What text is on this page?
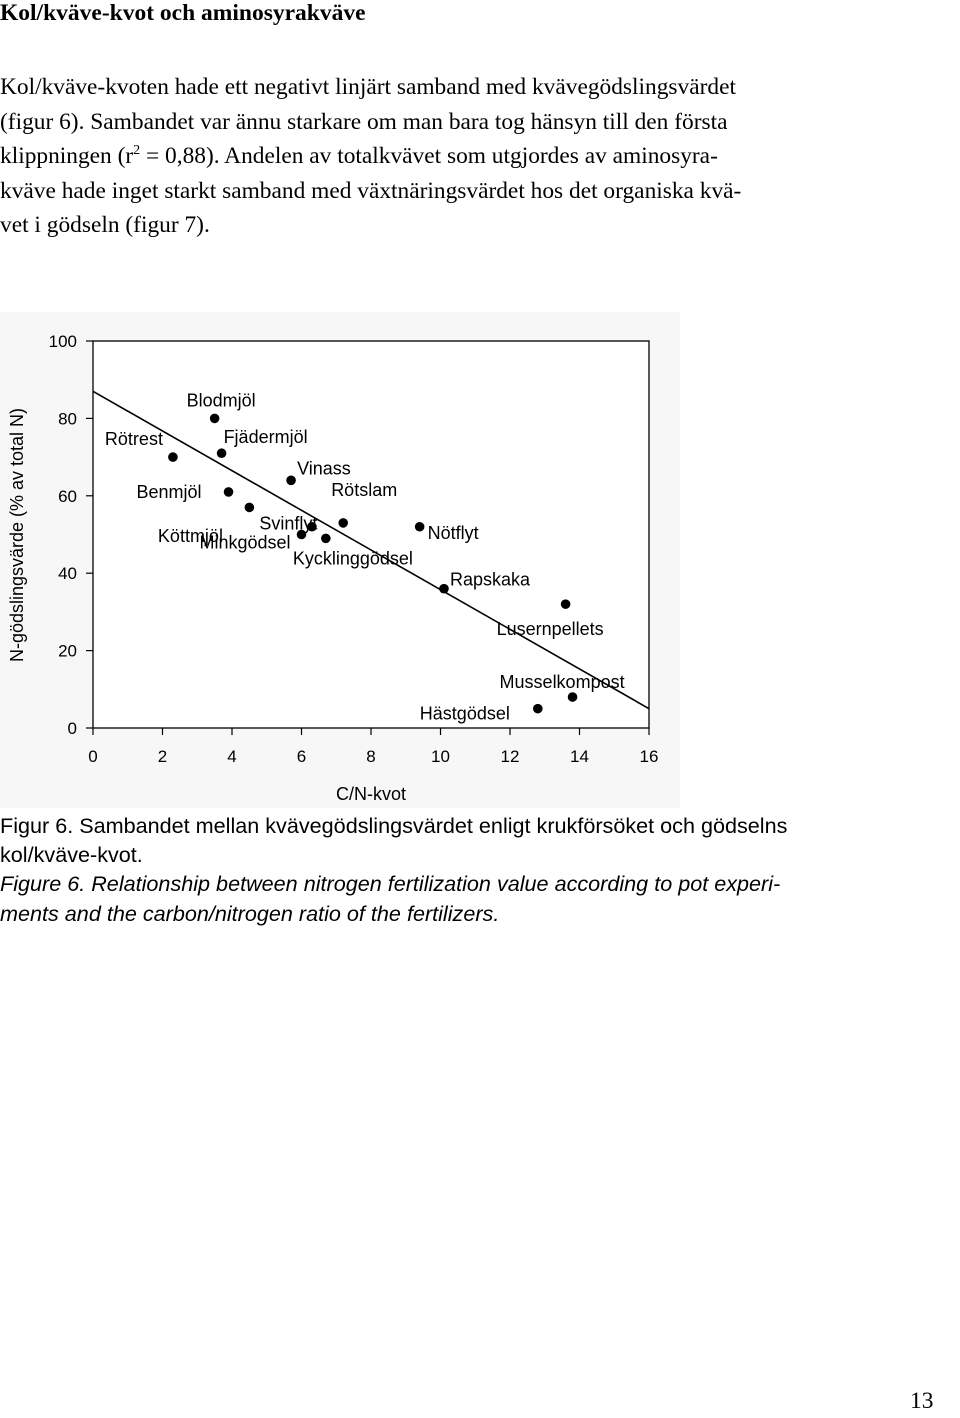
Kol/kväve-kvot och aminosyrakväve

Kol/kväve-kvoten hade ett negativt linjärt samband med kvävegödslingsvärdet
(figur 6). Sambandet var ännu starkare om man bara tog hänsyn till den första
klippningen $(r^2 = 0,88)$. Andelen av totalkvävet som utgjordes av aminosyra-
kväve hade inget starkt samband med växtnäringsvärdet hos det organiska kvä-
vet i gödseln (figur 7).

0	2	4	6	8	10	12	14	16
0
20
40
60
80
100
Blodmjöl
Rötrest	Fjädermjöl
Vinass
Benmjöl
Svinflyt
Rötslam
Köttmjöl
Minkgödsel
Kycklinggödsel
Nötflyt
Rapskaka
Lusernpellets
Musselkompost
Hästgödsel
C/N-kvot
N-gödslingsvärde (% av total N)
Figur 6. Sambandet mellan kvävegödslingsvärdet enligt krukförsöket och gödselns
kol/kväve-kvot.
Figure 6. Relationship between nitrogen fertilization value according to pot experi-
ments and the carbon/nitrogen ratio of the fertilizers.
13
